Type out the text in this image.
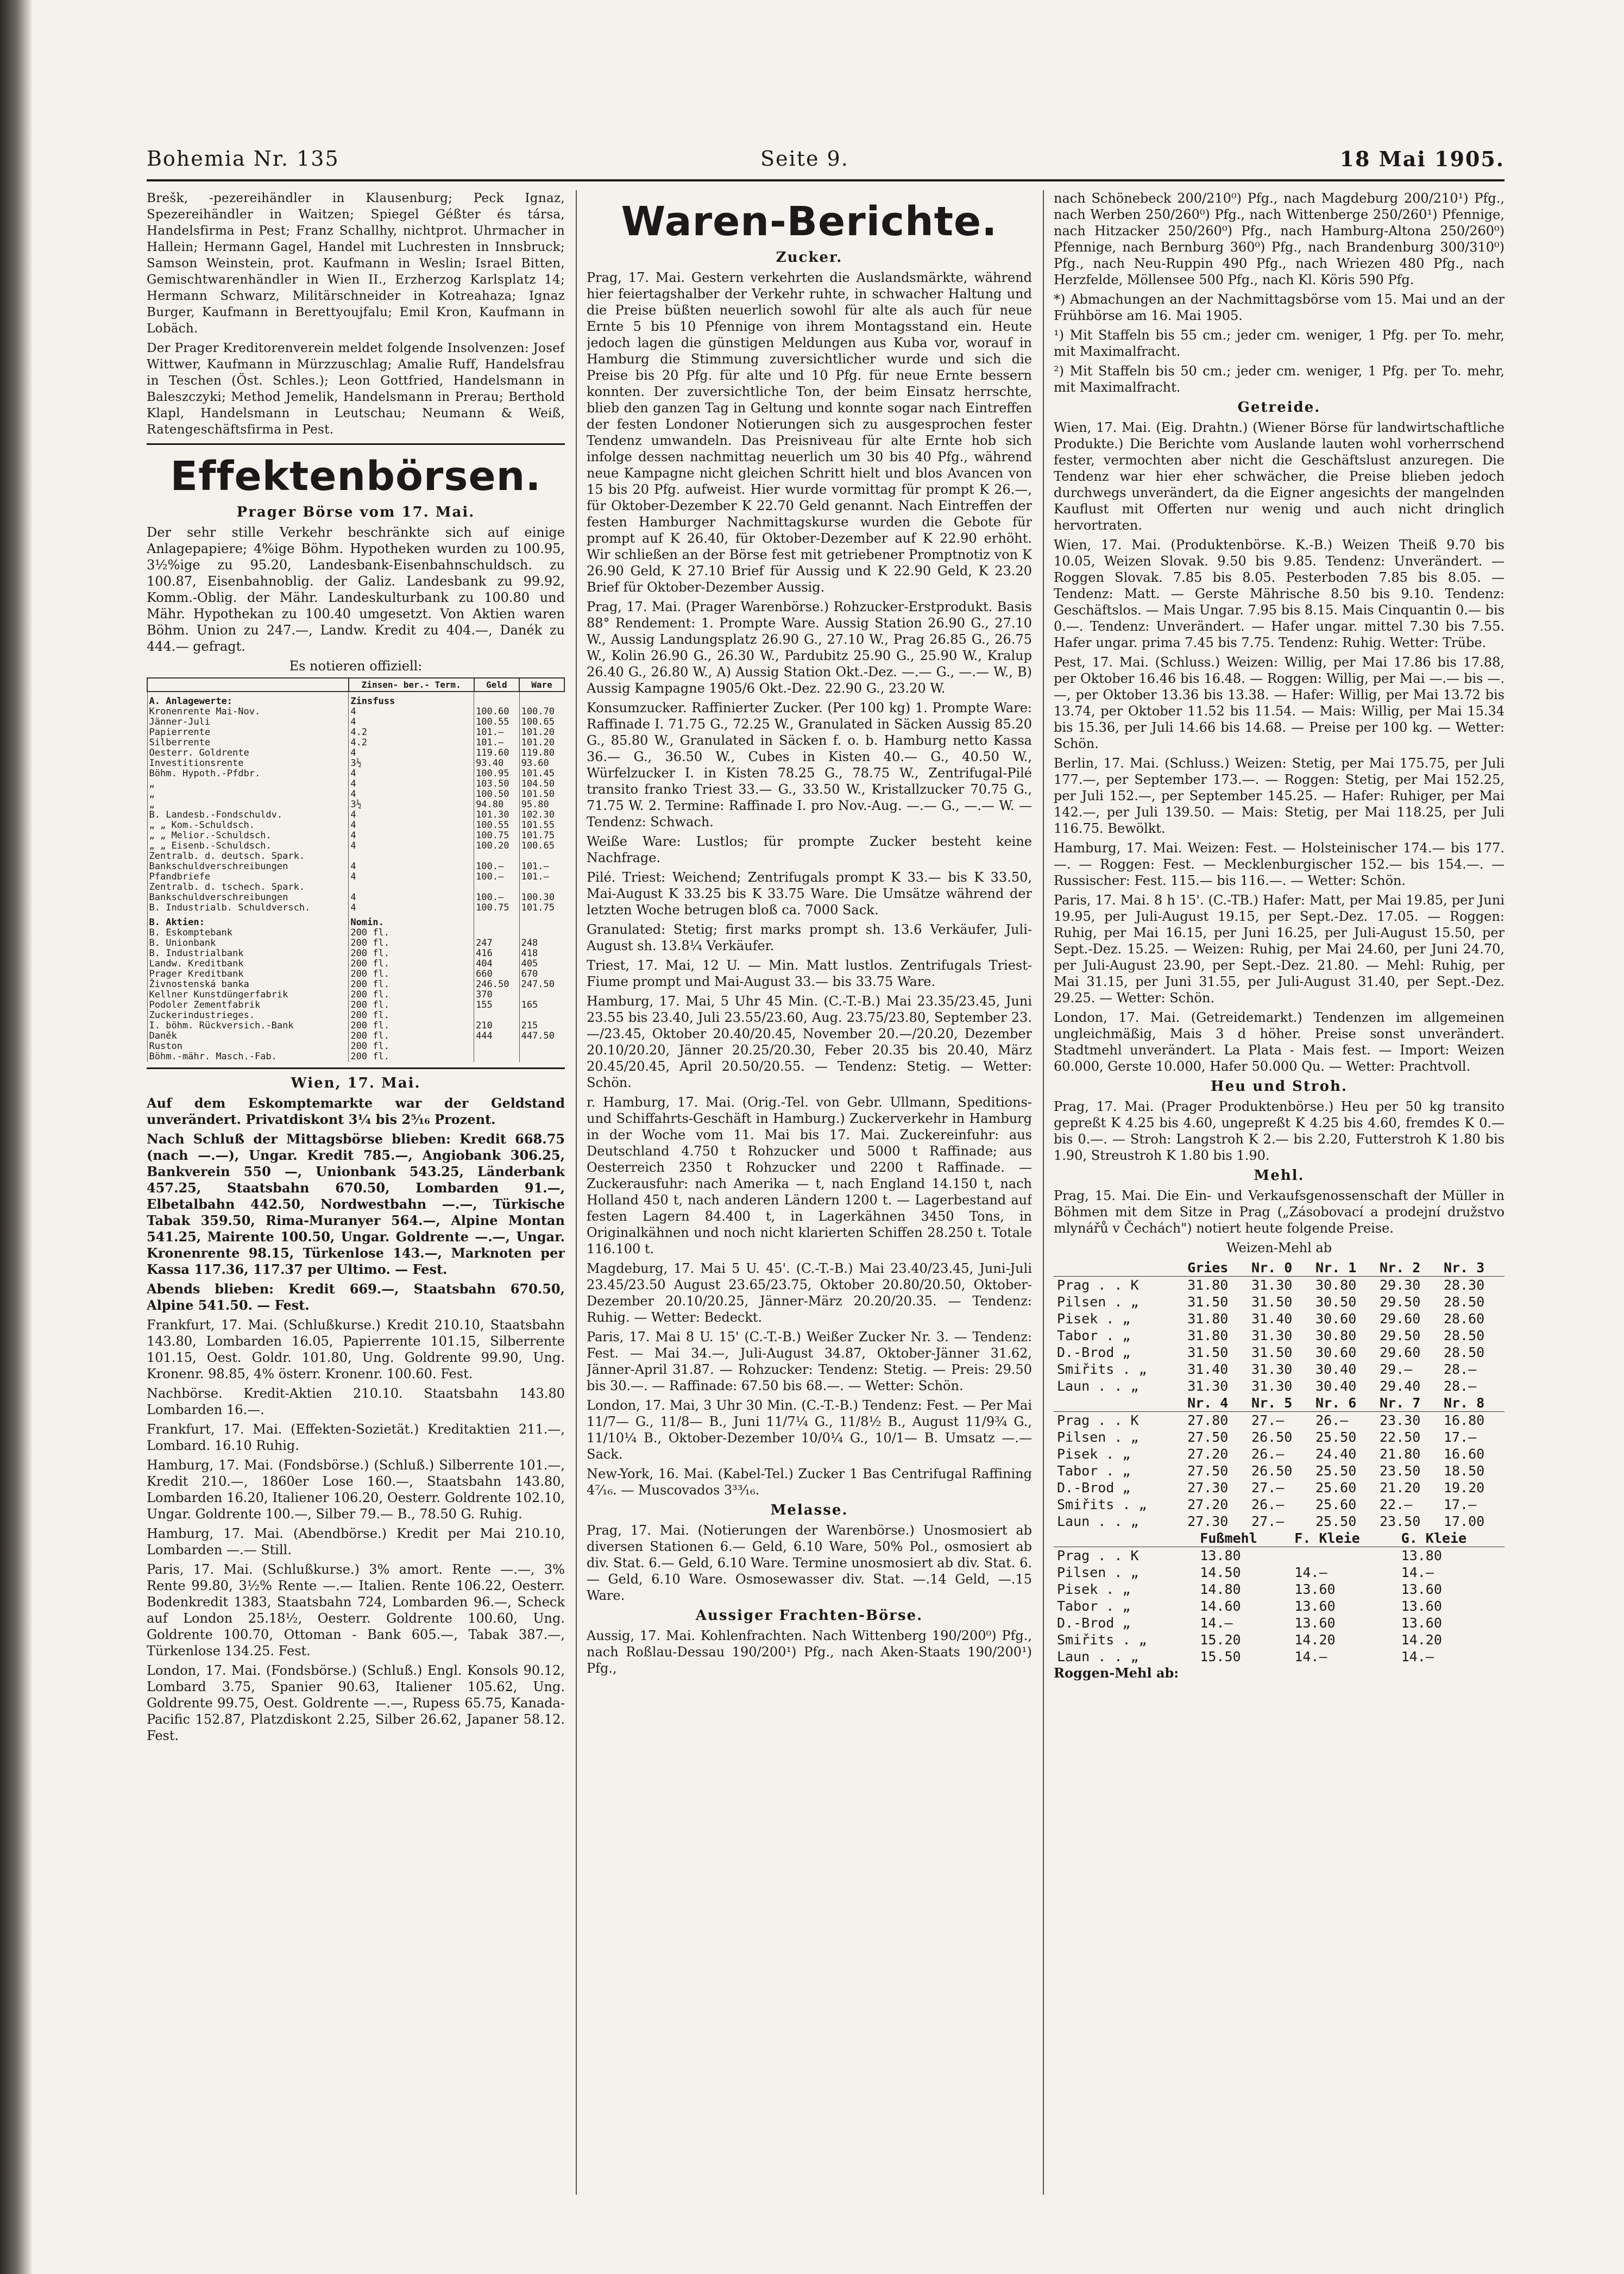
Bohemia Nr. 135	Seite 9.	18 Mai 1905.

Brešk, -pezereihändler in Klausenburg; Peck Ignaz, Spezereihändler in Waitzen; Spiegel Géßter és társa, Handelsfirma in Pest; Franz Schallhy, nichtprot. Uhrmacher in Hallein; Hermann Gagel, Handel mit Luchresten in Innsbruck; Samson Weinstein, prot. Kaufmann in Weslin; Israel Bitten, Gemischtwarenhändler in Wien II., Erzherzog Karlsplatz 14; Hermann Schwarz, Militärschneider in Kotreahaza; Ignaz Burger, Kaufmann in Berettyoujfalu; Emil Kron, Kaufmann in Lobäch.

Der Prager Kreditorenverein meldet folgende Insolvenzen: Josef Wittwer, Kaufmann in Mürzzuschlag; Amalie Ruff, Handelsfrau in Teschen (Öst. Schles.); Leon Gottfried, Handelsmann in Baleszczyki; Method Jemelik, Handelsmann in Prerau; Berthold Klapl, Handelsmann in Leutschau; Neumann & Weiß, Ratengeschäftsfirma in Pest.

Effektenbörsen.
Prager Börse vom 17. Mai.

Der sehr stille Verkehr beschränkte sich auf einige Anlagepapiere; 4%ige Böhm. Hypotheken wurden zu 100.95, 3½%ige zu 95.20, Landesbank-Eisenbahnschuldsch. zu 100.87, Eisenbahnoblig. der Galiz. Landesbank zu 99.92, Komm.-Oblig. der Mähr. Landeskulturbank zu 100.80 und Mähr. Hypothekan zu 100.40 umgesetzt. Von Aktien waren Böhm. Union zu 247.—, Landw. Kredit zu 404.—, Danék zu 444.— gefragt.

Es notieren offiziell:

	Zinsen- ber.- Term.	Geld	Ware
A. Anlagewerte:	Zinsfuss		
Kronenrente Mai-Nov.	4	100.60	100.70
Jänner-Juli	4	100.55	100.65
Papierrente	4.2	101.—	101.20
Silberrente	4.2	101.—	101.20
Oesterr. Goldrente	4	119.60	119.80
Investitionsrente	3½	93.40	93.60
Böhm. Hypoth.-Pfdbr.	4	100.95	101.45
„	4	103.50	104.50
„	4	100.50	101.50
„	3½	94.80	95.80
B. Landesb.-Fondschuldv.	4	101.30	102.30
„ „ Kom.-Schuldsch.	4	100.55	101.55
„ „ Melior.-Schuldsch.	4	100.75	101.75
„ „ Eisenb.-Schuldsch.	4	100.20	100.65
Zentralb. d. deutsch. Spark.			
Bankschuldverschreibungen	4	100.—	101.—
Pfandbriefe	4	100.—	101.—
Zentralb. d. tschech. Spark.			
Bankschuldverschreibungen	4	100.—	100.30
B. Industrialb. Schuldversch.	4	100.75	101.75
B. Aktien:	Nomin.		
B. Eskomptebank	200 fl.		
B. Unionbank	200 fl.	247	248
B. Industrialbank	200 fl.	416	418
Landw. Kreditbank	200 fl.	404	405
Prager Kreditbank	200 fl.	660	670
Živnostenská banka	200 fl.	246.50	247.50
Kellner Kunstdüngerfabrik	200 fl.	370	
Podoler Zementfabrik	200 fl.	155	165
Zuckerindustrieges.	200 fl.		
I. böhm. Rückversich.-Bank	200 fl.	210	215
Daněk	200 fl.	444	447.50
Ruston	200 fl.		
Böhm.-mähr. Masch.-Fab.	200 fl.		
Wien, 17. Mai.

Auf dem Eskomptemarkte war der Geldstand unverändert. Privatdiskont 3¼ bis 2⁵⁄₁₆ Prozent.

Nach Schluß der Mittagsbörse blieben: Kredit 668.75 (nach —.—), Ungar. Kredit 785.—, Angiobank 306.25, Bankverein 550 —, Unionbank 543.25, Länderbank 457.25, Staatsbahn 670.50, Lombarden 91.—, Elbetalbahn 442.50, Nordwestbahn —.—, Türkische Tabak 359.50, Rima-Muranyer 564.—, Alpine Montan 541.25, Mairente 100.50, Ungar. Goldrente —.—, Ungar. Kronenrente 98.15, Türkenlose 143.—, Marknoten per Kassa 117.36, 117.37 per Ultimo. — Fest.

Abends blieben: Kredit 669.—, Staatsbahn 670.50, Alpine 541.50. — Fest.

Frankfurt, 17. Mai. (Schlußkurse.) Kredit 210.10, Staatsbahn 143.80, Lombarden 16.05, Papierrente 101.15, Silberrente 101.15, Oest. Goldr. 101.80, Ung. Goldrente 99.90, Ung. Kronenr. 98.85, 4% österr. Kronenr. 100.60. Fest.

Nachbörse. Kredit-Aktien 210.10. Staatsbahn 143.80 Lombarden 16.—.

Frankfurt, 17. Mai. (Effekten-Sozietät.) Kreditaktien 211.—, Lombard. 16.10 Ruhig.

Hamburg, 17. Mai. (Fondsbörse.) (Schluß.) Silberrente 101.—, Kredit 210.—, 1860er Lose 160.—, Staatsbahn 143.80, Lombarden 16.20, Italiener 106.20, Oesterr. Goldrente 102.10, Ungar. Goldrente 100.—, Silber 79.— B., 78.50 G. Ruhig.

Hamburg, 17. Mai. (Abendbörse.) Kredit per Mai 210.10, Lombarden —.— Still.

Paris, 17. Mai. (Schlußkurse.) 3% amort. Rente —.—, 3% Rente 99.80, 3½% Rente —.— Italien. Rente 106.22, Oesterr. Bodenkredit 1383, Staatsbahn 724, Lombarden 96.—, Scheck auf London 25.18½, Oesterr. Goldrente 100.60, Ung. Goldrente 100.70, Ottoman - Bank 605.—, Tabak 387.—, Türkenlose 134.25. Fest.

London, 17. Mai. (Fondsbörse.) (Schluß.) Engl. Konsols 90.12, Lombard 3.75, Spanier 90.63, Italiener 105.62, Ung. Goldrente 99.75, Oest. Goldrente —.—, Rupess 65.75, Kanada-Pacific 152.87, Platzdiskont 2.25, Silber 26.62, Japaner 58.12. Fest.

Waren-Berichte.
Zucker.

Prag, 17. Mai. Gestern verkehrten die Auslandsmärkte, während hier feiertagshalber der Verkehr ruhte, in schwacher Haltung und die Preise büßten neuerlich sowohl für alte als auch für neue Ernte 5 bis 10 Pfennige von ihrem Montagsstand ein. Heute jedoch lagen die günstigen Meldungen aus Kuba vor, worauf in Hamburg die Stimmung zuversichtlicher wurde und sich die Preise bis 20 Pfg. für alte und 10 Pfg. für neue Ernte bessern konnten. Der zuversichtliche Ton, der beim Einsatz herrschte, blieb den ganzen Tag in Geltung und konnte sogar nach Eintreffen der festen Londoner Notierungen sich zu ausgesprochen fester Tendenz umwandeln. Das Preisniveau für alte Ernte hob sich infolge dessen nachmittag neuerlich um 30 bis 40 Pfg., während neue Kampagne nicht gleichen Schritt hielt und blos Avancen von 15 bis 20 Pfg. aufweist. Hier wurde vormittag für prompt K 26.—, für Oktober-Dezember K 22.70 Geld genannt. Nach Eintreffen der festen Hamburger Nachmittagskurse wurden die Gebote für prompt auf K 26.40, für Oktober-Dezember auf K 22.90 erhöht. Wir schließen an der Börse fest mit getriebener Promptnotiz von K 26.90 Geld, K 27.10 Brief für Aussig und K 22.90 Geld, K 23.20 Brief für Oktober-Dezember Aussig.

Prag, 17. Mai. (Prager Warenbörse.) Rohzucker-Erstprodukt. Basis 88° Rendement: 1. Prompte Ware. Aussig Station 26.90 G., 27.10 W., Aussig Landungsplatz 26.90 G., 27.10 W., Prag 26.85 G., 26.75 W., Kolin 26.90 G., 26.30 W., Pardubitz 25.90 G., 25.90 W., Kralup 26.40 G., 26.80 W., A) Aussig Station Okt.-Dez. —.— G., —.— W., B) Aussig Kampagne 1905/6 Okt.-Dez. 22.90 G., 23.20 W.

Konsumzucker. Raffinierter Zucker. (Per 100 kg) 1. Prompte Ware: Raffinade I. 71.75 G., 72.25 W., Granulated in Säcken Aussig 85.20 G., 85.80 W., Granulated in Säcken f. o. b. Hamburg netto Kassa 36.— G., 36.50 W., Cubes in Kisten 40.— G., 40.50 W., Würfelzucker I. in Kisten 78.25 G., 78.75 W., Zentrifugal-Pilé transito franko Triest 33.— G., 33.50 W., Kristallzucker 70.75 G., 71.75 W. 2. Termine: Raffinade I. pro Nov.-Aug. —.— G., —.— W. — Tendenz: Schwach.

Weiße Ware: Lustlos; für prompte Zucker besteht keine Nachfrage.

Pilé. Triest: Weichend; Zentrifugals prompt K 33.— bis K 33.50, Mai-August K 33.25 bis K 33.75 Ware. Die Umsätze während der letzten Woche betrugen bloß ca. 7000 Sack.

Granulated: Stetig; first marks prompt sh. 13.6 Verkäufer, Juli-August sh. 13.8¼ Verkäufer.

Triest, 17. Mai, 12 U. — Min. Matt lustlos. Zentrifugals Triest-Fiume prompt und Mai-August 33.— bis 33.75 Ware.

Hamburg, 17. Mai, 5 Uhr 45 Min. (C.-T.-B.) Mai 23.35/23.45, Juni 23.55 bis 23.40, Juli 23.55/23.60, Aug. 23.75/23.80, September 23.—/23.45, Oktober 20.40/20.45, November 20.—/20.20, Dezember 20.10/20.20, Jänner 20.25/20.30, Feber 20.35 bis 20.40, März 20.45/20.45, April 20.50/20.55. — Tendenz: Stetig. — Wetter: Schön.

r. Hamburg, 17. Mai. (Orig.-Tel. von Gebr. Ullmann, Speditions- und Schiffahrts-Geschäft in Hamburg.) Zuckerverkehr in Hamburg in der Woche vom 11. Mai bis 17. Mai. Zuckereinfuhr: aus Deutschland 4.750 t Rohzucker und 5000 t Raffinade; aus Oesterreich 2350 t Rohzucker und 2200 t Raffinade. — Zuckerausfuhr: nach Amerika — t, nach England 14.150 t, nach Holland 450 t, nach anderen Ländern 1200 t. — Lagerbestand auf festen Lagern 84.400 t, in Lagerkähnen 3450 Tons, in Originalkähnen und noch nicht klarierten Schiffen 28.250 t. Totale 116.100 t.

Magdeburg, 17. Mai 5 U. 45'. (C.-T.-B.) Mai 23.40/23.45, Juni-Juli 23.45/23.50 August 23.65/23.75, Oktober 20.80/20.50, Oktober-Dezember 20.10/20.25, Jänner-März 20.20/20.35. — Tendenz: Ruhig. — Wetter: Bedeckt.

Paris, 17. Mai 8 U. 15' (C.-T.-B.) Weißer Zucker Nr. 3. — Tendenz: Fest. — Mai 34.—, Juli-August 34.87, Oktober-Jänner 31.62, Jänner-April 31.87. — Rohzucker: Tendenz: Stetig. — Preis: 29.50 bis 30.—. — Raffinade: 67.50 bis 68.—. — Wetter: Schön.

London, 17. Mai, 3 Uhr 30 Min. (C.-T.-B.) Tendenz: Fest. — Per Mai 11/7— G., 11/8— B., Juni 11/7¼ G., 11/8½ B., August 11/9¾ G., 11/10¼ B., Oktober-Dezember 10/0¼ G., 10/1— B. Umsatz —.— Sack.

New-York, 16. Mai. (Kabel-Tel.) Zucker 1 Bas Centrifugal Raffining 4⁷⁄₁₆. — Muscovados 3³³⁄₁₆.

Melasse.

Prag, 17. Mai. (Notierungen der Warenbörse.) Unosmosiert ab diversen Stationen 6.— Geld, 6.10 Ware, 50% Pol., osmosiert ab div. Stat. 6.— Geld, 6.10 Ware. Termine unosmosiert ab div. Stat. 6.— Geld, 6.10 Ware. Osmosewasser div. Stat. —.14 Geld, —.15 Ware.

Aussiger Frachten-Börse.

Aussig, 17. Mai. Kohlenfrachten. Nach Wittenberg 190/200⁰) Pfg., nach Roßlau-Dessau 190/200¹) Pfg., nach Aken-Staats 190/200¹) Pfg.,

nach Schönebeck 200/210⁰) Pfg., nach Magdeburg 200/210¹) Pfg., nach Werben 250/260⁰) Pfg., nach Wittenberge 250/260¹) Pfennige, nach Hitzacker 250/260⁰) Pfg., nach Hamburg-Altona 250/260⁰) Pfennige, nach Bernburg 360⁰) Pfg., nach Brandenburg 300/310⁰) Pfg., nach Neu-Ruppin 490 Pfg., nach Wriezen 480 Pfg., nach Herzfelde, Möllensee 500 Pfg., nach Kl. Köris 590 Pfg.

*) Abmachungen an der Nachmittagsbörse vom 15. Mai und an der Frühbörse am 16. Mai 1905.

¹) Mit Staffeln bis 55 cm.; jeder cm. weniger, 1 Pfg. per To. mehr, mit Maximalfracht.

²) Mit Staffeln bis 50 cm.; jeder cm. weniger, 1 Pfg. per To. mehr, mit Maximalfracht.

Getreide.

Wien, 17. Mai. (Eig. Drahtn.) (Wiener Börse für landwirtschaftliche Produkte.) Die Berichte vom Auslande lauten wohl vorherrschend fester, vermochten aber nicht die Geschäftslust anzuregen. Die Tendenz war hier eher schwächer, die Preise blieben jedoch durchwegs unverändert, da die Eigner angesichts der mangelnden Kauflust mit Offerten nur wenig und auch nicht dringlich hervortraten.

Wien, 17. Mai. (Produktenbörse. K.-B.) Weizen Theiß 9.70 bis 10.05, Weizen Slovak. 9.50 bis 9.85. Tendenz: Unverändert. — Roggen Slovak. 7.85 bis 8.05. Pesterboden 7.85 bis 8.05. — Tendenz: Matt. — Gerste Mährische 8.50 bis 9.10. Tendenz: Geschäftslos. — Mais Ungar. 7.95 bis 8.15. Mais Cinquantin 0.— bis 0.—. Tendenz: Unverändert. — Hafer ungar. mittel 7.30 bis 7.55. Hafer ungar. prima 7.45 bis 7.75. Tendenz: Ruhig. Wetter: Trübe.

Pest, 17. Mai. (Schluss.) Weizen: Willig, per Mai 17.86 bis 17.88, per Oktober 16.46 bis 16.48. — Roggen: Willig, per Mai —.— bis —.—, per Oktober 13.36 bis 13.38. — Hafer: Willig, per Mai 13.72 bis 13.74, per Oktober 11.52 bis 11.54. — Mais: Willig, per Mai 15.34 bis 15.36, per Juli 14.66 bis 14.68. — Preise per 100 kg. — Wetter: Schön.

Berlin, 17. Mai. (Schluss.) Weizen: Stetig, per Mai 175.75, per Juli 177.—, per September 173.—. — Roggen: Stetig, per Mai 152.25, per Juli 152.—, per September 145.25. — Hafer: Ruhiger, per Mai 142.—, per Juli 139.50. — Mais: Stetig, per Mai 118.25, per Juli 116.75. Bewölkt.

Hamburg, 17. Mai. Weizen: Fest. — Holsteinischer 174.— bis 177.—. — Roggen: Fest. — Mecklenburgischer 152.— bis 154.—. — Russischer: Fest. 115.— bis 116.—. — Wetter: Schön.

Paris, 17. Mai. 8 h 15'. (C.-TB.) Hafer: Matt, per Mai 19.85, per Juni 19.95, per Juli-August 19.15, per Sept.-Dez. 17.05. — Roggen: Ruhig, per Mai 16.15, per Juni 16.25, per Juli-August 15.50, per Sept.-Dez. 15.25. — Weizen: Ruhig, per Mai 24.60, per Juni 24.70, per Juli-August 23.90, per Sept.-Dez. 21.80. — Mehl: Ruhig, per Mai 31.15, per Juni 31.55, per Juli-August 31.40, per Sept.-Dez. 29.25. — Wetter: Schön.

London, 17. Mai. (Getreidemarkt.) Tendenzen im allgemeinen ungleichmäßig, Mais 3 d höher. Preise sonst unverändert. Stadtmehl unverändert. La Plata - Mais fest. — Import: Weizen 60.000, Gerste 10.000, Hafer 50.000 Qu. — Wetter: Prachtvoll.

Heu und Stroh.

Prag, 17. Mai. (Prager Produktenbörse.) Heu per 50 kg transito gepreßt K 4.25 bis 4.60, ungepreßt K 4.25 bis 4.60, fremdes K 0.— bis 0.—. — Stroh: Langstroh K 2.— bis 2.20, Futterstroh K 1.80 bis 1.90, Streustroh K 1.80 bis 1.90.

Mehl.

Prag, 15. Mai. Die Ein- und Verkaufsgenossenschaft der Müller in Böhmen mit dem Sitze in Prag („Zásobovací a prodejní družstvo mlynářů v Čechách") notiert heute folgende Preise.

Weizen-Mehl ab

	Gries	Nr. 0	Nr. 1	Nr. 2	Nr. 3
Prag . . K	31.80	31.30	30.80	29.30	28.30
Pilsen . „	31.50	31.50	30.50	29.50	28.50
Pisek . „	31.80	31.40	30.60	29.60	28.60
Tabor . „	31.80	31.30	30.80	29.50	28.50
D.-Brod „	31.50	31.50	30.60	29.60	28.50
Smiřits . „	31.40	31.30	30.40	29.—	28.—
Laun . . „	31.30	31.30	30.40	29.40	28.—
	Nr. 4	Nr. 5	Nr. 6	Nr. 7	Nr. 8
Prag . . K	27.80	27.—	26.—	23.30	16.80
Pilsen . „	27.50	26.50	25.50	22.50	17.—
Pisek . „	27.20	26.—	24.40	21.80	16.60
Tabor . „	27.50	26.50	25.50	23.50	18.50
D.-Brod „	27.30	27.—	25.60	21.20	19.20
Smiřits . „	27.20	26.—	25.60	22.—	17.—
Laun . . „	27.30	27.—	25.50	23.50	17.00
	Fußmehl	F. Kleie	G. Kleie
Prag . . K	13.80		13.80
Pilsen . „	14.50	14.—	14.—
Pisek . „	14.80	13.60	13.60
Tabor . „	14.60	13.60	13.60
D.-Brod „	14.—	13.60	13.60
Smiřits . „	15.20	14.20	14.20
Laun . . „	15.50	14.—	14.—

Roggen-Mehl ab:
